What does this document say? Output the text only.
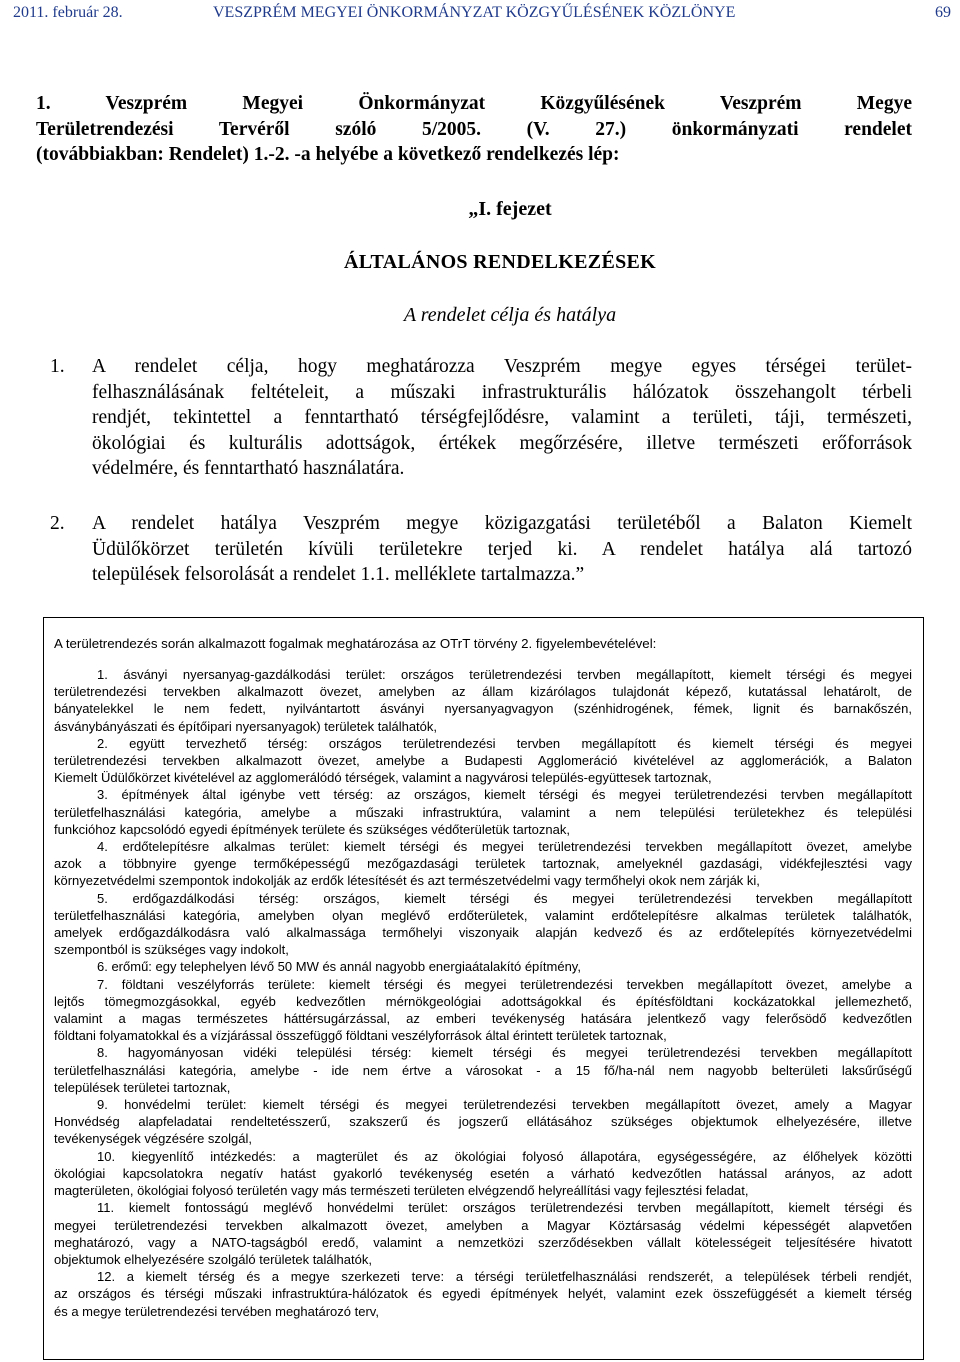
2011. február 28.	VESZPRÉM MEGYEI ÖNKORMÁNYZAT KÖZGYŰLÉSÉNEK KÖZLÖNYE	69
1. Veszprém Megyei Önkormányzat Közgyűlésének Veszprém Megye
Területrendezési Tervéről szóló 5/2005. (V. 27.) önkormányzati rendelet
(továbbiakban: Rendelet) 1.-2. -a helyébe a következő rendelkezés lép:
„I. fejezet
ÁLTALÁNOS RENDELKEZÉSEK
A rendelet célja és hatálya
1. A rendelet célja, hogy meghatározza Veszprém megye egyes térségei terület-
felhasználásának feltételeit, a műszaki infrastrukturális hálózatok összehangolt térbeli
rendjét, tekintettel a fenntartható térségfejlődésre, valamint a területi, táji, természeti,
ökológiai és kulturális adottságok, értékek megőrzésére, illetve természeti erőforrások
védelmére, és fenntartható használatára.
2. A rendelet hatálya Veszprém megye közigazgatási területéből a Balaton Kiemelt
Üdülőkörzet területén kívüli területekre terjed ki. A rendelet hatálya alá tartozó
települések felsorolását a rendelet 1.1. melléklete tartalmazza.”
A területrendezés során alkalmazott fogalmak meghatározása az OTrT törvény 2. figyelembevételével:
1. ásványi nyersanyag-gazdálkodási terület: országos területrendezési tervben megállapított, kiemelt térségi és megyei
területrendezési tervekben alkalmazott övezet, amelyben az állam kizárólagos tulajdonát képező, kutatással lehatárolt, de
bányatelekkel le nem fedett, nyilvántartott ásványi nyersanyagvagyon (szénhidrogének, fémek, lignit és barnakőszén,
ásványbányászati és építőipari nyersanyagok) területek találhatók,
2. együtt tervezhető térség: országos területrendezési tervben megállapított és kiemelt térségi és megyei
területrendezési tervekben alkalmazott övezet, amelybe a Budapesti Agglomeráció kivételével az agglomerációk, a Balaton
Kiemelt Üdülőkörzet kivételével az agglomerálódó térségek, valamint a nagyvárosi település-együttesek tartoznak,
3. építmények által igénybe vett térség: az országos, kiemelt térségi és megyei területrendezési tervben megállapított
területfelhasználási kategória, amelybe a műszaki infrastruktúra, valamint a nem települési területekhez és települési
funkcióhoz kapcsolódó egyedi építmények területe és szükséges védőterületük tartoznak,
4. erdőtelepítésre alkalmas terület: kiemelt térségi és megyei területrendezési tervekben megállapított övezet, amelybe
azok a többnyire gyenge termőképességű mezőgazdasági területek tartoznak, amelyeknél gazdasági, vidékfejlesztési vagy
környezetvédelmi szempontok indokolják az erdők létesítését és azt természetvédelmi vagy termőhelyi okok nem zárják ki,
5. erdőgazdálkodási térség: országos, kiemelt térségi és megyei területrendezési tervekben megállapított
területfelhasználási kategória, amelyben olyan meglévő erdőterületek, valamint erdőtelepítésre alkalmas területek találhatók,
amelyek erdőgazdálkodásra való alkalmassága termőhelyi viszonyaik alapján kedvező és az erdőtelepítés környezetvédelmi
szempontból is szükséges vagy indokolt,
6. erőmű: egy telephelyen lévő 50 MW és annál nagyobb energiaátalakító építmény,
7. földtani veszélyforrás területe: kiemelt térségi és megyei területrendezési tervekben megállapított övezet, amelybe a
lejtős tömegmozgásokkal, egyéb kedvezőtlen mérnökgeológiai adottságokkal és építésföldtani kockázatokkal jellemezhető,
valamint a magas természetes háttérsugárzással, az emberi tevékenység hatására jelentkező vagy felerősödő kedvezőtlen
földtani folyamatokkal és a vízjárással összefüggő földtani veszélyforrások által érintett területek tartoznak,
8. hagyományosan vidéki települési térség: kiemelt térségi és megyei területrendezési tervekben megállapított
területfelhasználási kategória, amelybe - ide nem értve a városokat - a 15 fő/ha-nál nem nagyobb belterületi laksűrűségű
települések területei tartoznak,
9. honvédelmi terület: kiemelt térségi és megyei területrendezési tervekben megállapított övezet, amely a Magyar
Honvédség alapfeladatai rendeltetésszerű, szakszerű és jogszerű ellátásához szükséges objektumok elhelyezésére, illetve
tevékenységek végzésére szolgál,
10. kiegyenlítő intézkedés: a magterület és az ökológiai folyosó állapotára, egységességére, az élőhelyek közötti
ökológiai kapcsolatokra negatív hatást gyakorló tevékenység esetén a várható kedvezőtlen hatással arányos, az adott
magterületen, ökológiai folyosó területén vagy más természeti területen elvégzendő helyreállítási vagy fejlesztési feladat,
11. kiemelt fontosságú meglévő honvédelmi terület: országos területrendezési tervben megállapított, kiemelt térségi és
megyei területrendezési tervekben alkalmazott övezet, amelyben a Magyar Köztársaság védelmi képességét alapvetően
meghatározó, vagy a NATO-tagságból eredő, valamint a nemzetközi szerződésekben vállalt kötelességeit teljesítésére hivatott
objektumok elhelyezésére szolgáló területek találhatók,
12. a kiemelt térség és a megye szerkezeti terve: a térségi területfelhasználási rendszerét, a települések térbeli rendjét,
az országos és térségi műszaki infrastruktúra-hálózatok és egyedi építmények helyét, valamint ezek összefüggését a kiemelt térség
és a megye területrendezési tervében meghatározó terv,
